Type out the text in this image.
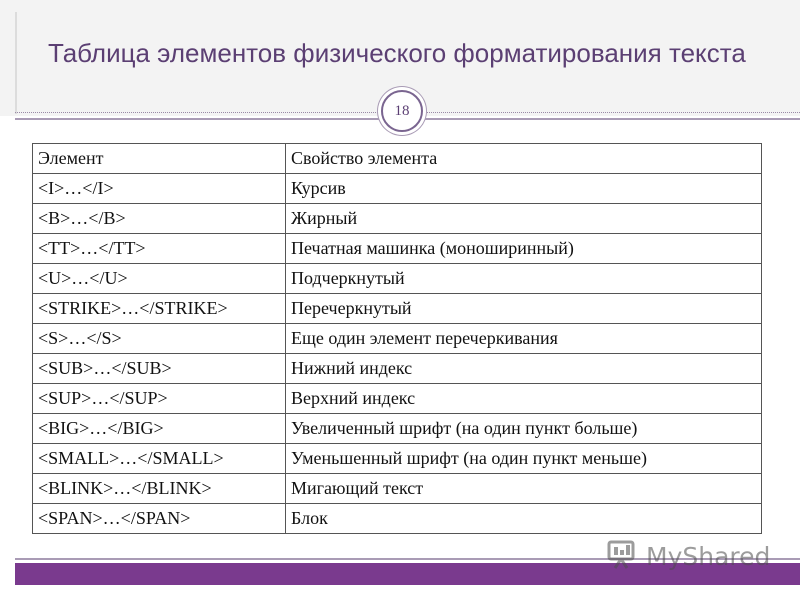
Таблица элементов физического форматирования текста
18
Элемент	Свойство элемента
<I>…</I>	Курсив
<B>…</B>	Жирный
<TT>…</TT>	Печатная машинка (моноширинный)
<U>…</U>	Подчеркнутый
<STRIKE>…</STRIKE>	Перечеркнутый
<S>…</S>	Еще один элемент перечеркивания
<SUB>…</SUB>	Нижний индекс
<SUP>…</SUP>	Верхний индекс
<BIG>…</BIG>	Увеличенный шрифт (на один пункт больше)
<SMALL>…</SMALL>	Уменьшенный шрифт (на один пункт меньше)
<BLINK>…</BLINK>	Мигающий текст
<SPAN>…</SPAN>	Блок
MyShared
